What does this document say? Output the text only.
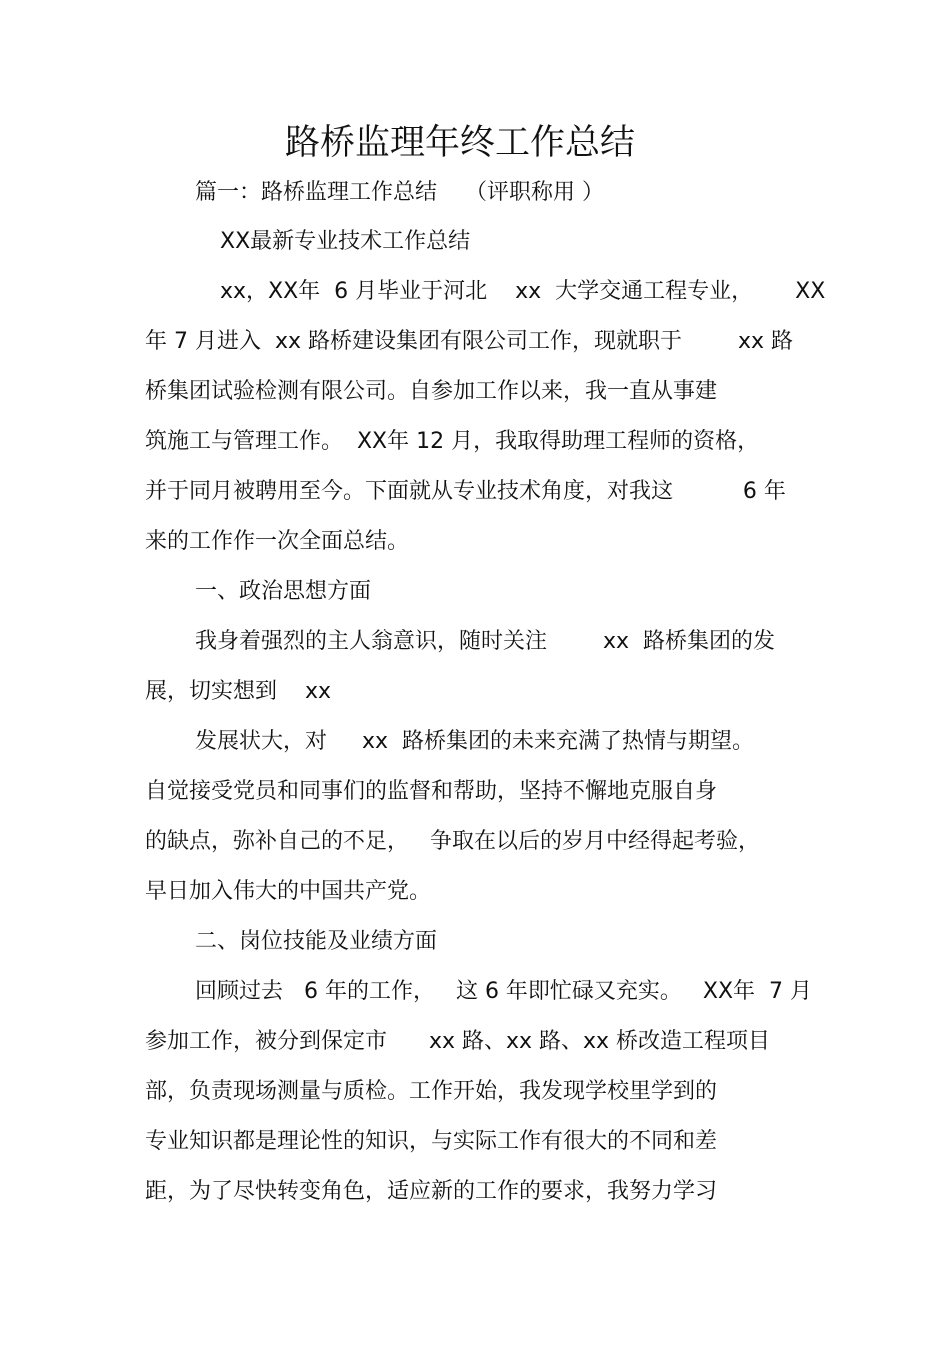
路桥监理年终工作总结
篇一：路桥监理工作总结    （评职称用 ）
XX最新专业技术工作总结
xx，XX年  6 月毕业于河北    xx  大学交通工程专业，      XX
年 7 月进入  xx 路桥建设集团有限公司工作，现就职于        xx 路
桥集团试验检测有限公司。自参加工作以来，我一直从事建
筑施工与管理工作。  XX年 12 月，我取得助理工程师的资格，
并于同月被聘用至今。下面就从专业技术角度，对我这          6 年
来的工作作一次全面总结。
一、政治思想方面
我身着强烈的主人翁意识，随时关注        xx  路桥集团的发
展，切实想到    xx
发展状大，对     xx  路桥集团的未来充满了热情与期望。
自觉接受党员和同事们的监督和帮助，坚持不懈地克服自身
的缺点，弥补自己的不足，   争取在以后的岁月中经得起考验，
早日加入伟大的中国共产党。
二、岗位技能及业绩方面
回顾过去   6 年的工作，   这 6 年即忙碌又充实。   XX年  7 月
参加工作，被分到保定市      xx 路、xx 路、xx 桥改造工程项目
部，负责现场测量与质检。工作开始，我发现学校里学到的
专业知识都是理论性的知识，与实际工作有很大的不同和差
距，为了尽快转变角色，适应新的工作的要求，我努力学习
